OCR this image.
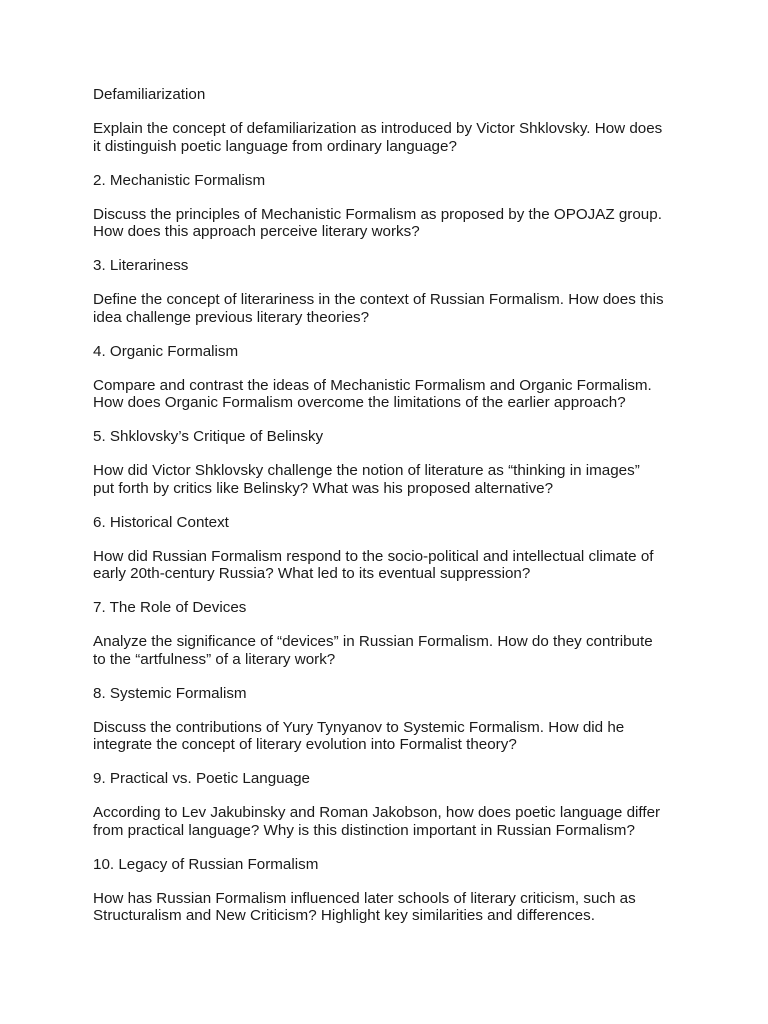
Defamiliarization
Explain the concept of defamiliarization as introduced by Victor Shklovsky. How does
it distinguish poetic language from ordinary language?
2. Mechanistic Formalism
Discuss the principles of Mechanistic Formalism as proposed by the OPOJAZ group.
How does this approach perceive literary works?
3. Literariness
Define the concept of literariness in the context of Russian Formalism. How does this
idea challenge previous literary theories?
4. Organic Formalism
Compare and contrast the ideas of Mechanistic Formalism and Organic Formalism.
How does Organic Formalism overcome the limitations of the earlier approach?
5. Shklovsky’s Critique of Belinsky
How did Victor Shklovsky challenge the notion of literature as “thinking in images”
put forth by critics like Belinsky? What was his proposed alternative?
6. Historical Context
How did Russian Formalism respond to the socio-political and intellectual climate of
early 20th-century Russia? What led to its eventual suppression?
7. The Role of Devices
Analyze the significance of “devices” in Russian Formalism. How do they contribute
to the “artfulness” of a literary work?
8. Systemic Formalism
Discuss the contributions of Yury Tynyanov to Systemic Formalism. How did he
integrate the concept of literary evolution into Formalist theory?
9. Practical vs. Poetic Language
According to Lev Jakubinsky and Roman Jakobson, how does poetic language differ
from practical language? Why is this distinction important in Russian Formalism?
10. Legacy of Russian Formalism
How has Russian Formalism influenced later schools of literary criticism, such as
Structuralism and New Criticism? Highlight key similarities and differences.
